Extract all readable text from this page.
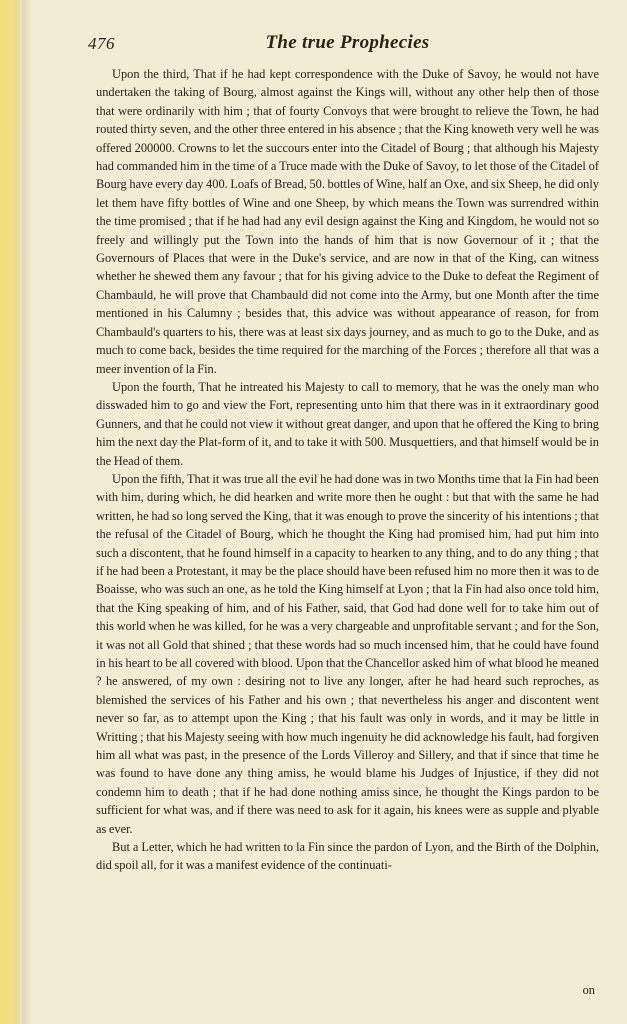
476	The true Prophecies

Upon the third, That if he had kept correspondence with the Duke of Savoy, he would not have undertaken the taking of Bourg, almost against the Kings will, without any other help then of those that were ordinarily with him ; that of fourty Convoys that were brought to relieve the Town, he had routed thirty seven, and the other three entered in his absence ; that the King knoweth very well he was offered 200000. Crowns to let the succours enter into the Citadel of Bourg ; that although his Majesty had commanded him in the time of a Truce made with the Duke of Savoy, to let those of the Citadel of Bourg have every day 400. Loafs of Bread, 50. bottles of Wine, half an Oxe, and six Sheep, he did only let them have fifty bottles of Wine and one Sheep, by which means the Town was surrendred within the time promised ; that if he had had any evil design against the King and Kingdom, he would not so freely and willingly put the Town into the hands of him that is now Governour of it ; that the Governours of Places that were in the Duke's service, and are now in that of the King, can witness whether he shewed them any favour ; that for his giving advice to the Duke to defeat the Regiment of Chambauld, he will prove that Chambauld did not come into the Army, but one Month after the time mentioned in his Calumny ; besides that, this advice was without appearance of reason, for from Chambauld's quarters to his, there was at least six days journey, and as much to go to the Duke, and as much to come back, besides the time required for the marching of the Forces ; therefore all that was a meer invention of la Fin.

Upon the fourth, That he intreated his Majesty to call to memory, that he was the onely man who disswaded him to go and view the Fort, representing unto him that there was in it extraordinary good Gunners, and that he could not view it without great danger, and upon that he offered the King to bring him the next day the Plat-form of it, and to take it with 500. Musquettiers, and that himself would be in the Head of them.

Upon the fifth, That it was true all the evil he had done was in two Months time that la Fin had been with him, during which, he did hearken and write more then he ought : but that with the same he had written, he had so long served the King, that it was enough to prove the sincerity of his intentions ; that the refusal of the Citadel of Bourg, which he thought the King had promised him, had put him into such a discontent, that he found himself in a capacity to hearken to any thing, and to do any thing ; that if he had been a Protestant, it may be the place should have been refused him no more then it was to de Boaisse, who was such an one, as he told the King himself at Lyon ; that la Fin had also once told him, that the King speaking of him, and of his Father, said, that God had done well for to take him out of this world when he was killed, for he was a very chargeable and unprofitable servant ; and for the Son, it was not all Gold that shined ; that these words had so much incensed him, that he could have found in his heart to be all covered with blood. Upon that the Chancellor asked him of what blood he meaned ? he answered, of my own : desiring not to live any longer, after he had heard such reproches, as blemished the services of his Father and his own ; that nevertheless his anger and discontent went never so far, as to attempt upon the King ; that his fault was only in words, and it may be little in Writting ; that his Majesty seeing with how much ingenuity he did acknowledge his fault, had forgiven him all what was past, in the presence of the Lords Villeroy and Sillery, and that if since that time he was found to have done any thing amiss, he would blame his Judges of Injustice, if they did not condemn him to death ; that if he had done nothing amiss since, he thought the Kings pardon to be sufficient for what was, and if there was need to ask for it again, his knees were as supple and plyable as ever.

But a Letter, which he had written to la Fin since the pardon of Lyon, and the Birth of the Dolphin, did spoil all, for it was a manifest evidence of the continuati-

on
